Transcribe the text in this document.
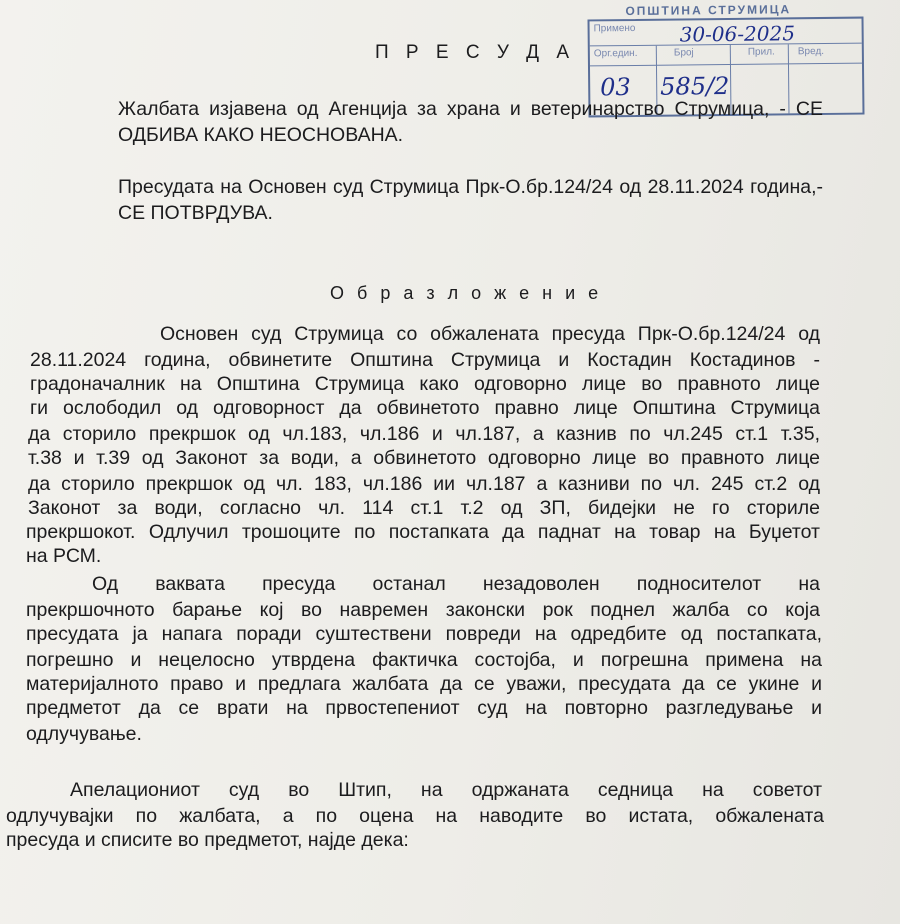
П Р Е С У Д А
ОПШТИНА СТРУМИЦА
Примено 30-06-2025
Орг.един.	Број	Прил. Вред.
03 585/2
Жалбата изјавена од Агенција за храна и ветеринарство Струмица, - СЕ ОДБИВА КАКО НЕОСНОВАНА.
Пресудата на Основен суд Струмица Прк-О.бр.124/24 од 28.11.2024 година,- СЕ ПОТВРДУВА.
О б р а з л о ж е н и е
Основен суд Струмица со обжалената пресуда Прк-О.бр.124/24 од
28.11.2024 година, обвинетите Општина Струмица и Костадин Костадинов -
градоначалник на Општина Струмица како одговорно лице во правното лице
ги ослободил од одговорност да обвинетото правно лице Општина Струмица
да сторило прекршок од чл.183, чл.186 и чл.187, а казнив по чл.245 ст.1 т.35,
т.38 и т.39 од Законот за води, а обвинетото одговорно лице во правното лице
да сторило прекршок од чл. 183, чл.186 ии чл.187 а казниви по чл. 245 ст.2 од
Законот за води, согласно чл. 114 ст.1 т.2 од ЗП, бидејки не го сториле
прекршокот. Одлучил трошоците по постапката да паднат на товар на Буџетот
на РСМ.
Од ваквата пресуда останал незадоволен подносителот на
прекршочното барање кој во навремен законски рок поднел жалба со која
пресудата ја напага поради суштествени повреди на одредбите од постапката,
погрешно и нецелосно утврдена фактичка состојба, и погрешна примена на
материјалното право и предлага жалбата да се уважи, пресудата да се укине и
предметот да се врати на првостепениот суд на повторно разгледување и
одлучување.
Апелациониот суд во Штип, на одржаната седница на советот
одлучувајки по жалбата, а по оцена на наводите во истата, обжалената
пресуда и списите во предметот, најде дека:
